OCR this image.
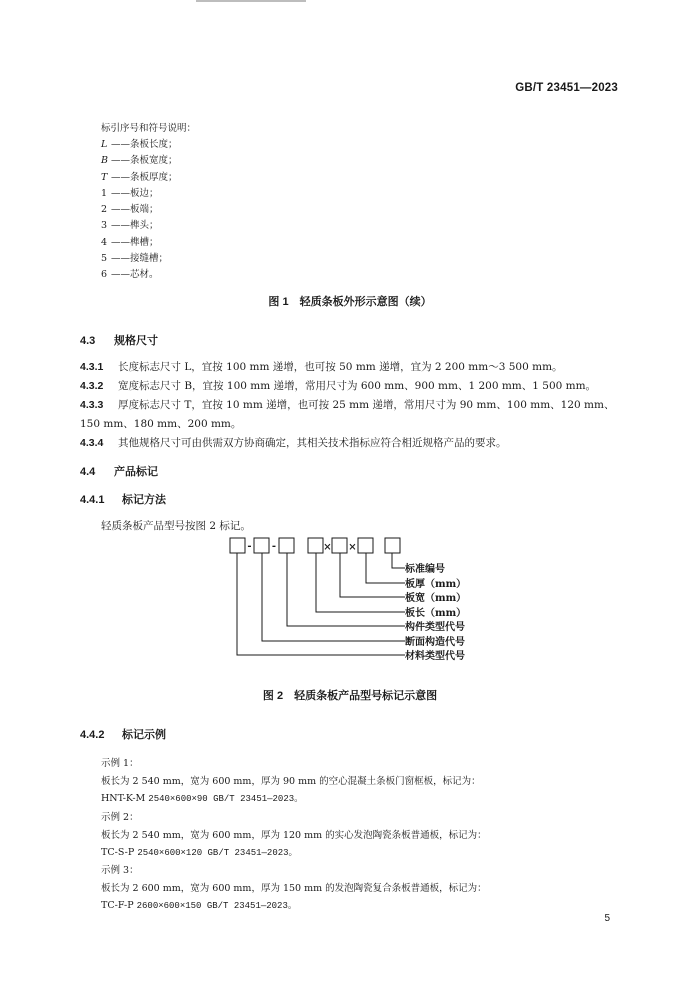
GB/T 23451—2023
标引序号和符号说明：
L ——条板长度；
B ——条板宽度；
T ——条板厚度；
1 ——板边；
2 ——板端；
3 ——榫头；
4 ——榫槽；
5 ——接缝槽；
6 ——芯材。
图 1　轻质条板外形示意图（续）
4.3 规格尺寸
4.3.1 长度标志尺寸 L，宜按 100 mm 递增，也可按 50 mm 递增，宜为 2 200 mm～3 500 mm。
4.3.2 宽度标志尺寸 B，宜按 100 mm 递增，常用尺寸为 600 mm、900 mm、1 200 mm、1 500 mm。
4.3.3 厚度标志尺寸 T，宜按 10 mm 递增，也可按 25 mm 递增，常用尺寸为 90 mm、100 mm、120 mm、
150 mm、180 mm、200 mm。
4.3.4 其他规格尺寸可由供需双方协商确定，其相关技术指标应符合相近规格产品的要求。
4.4 产品标记
4.4.1 标记方法
轻质条板产品型号按图 2 标记。
- -	× ×
标准编号
板厚（mm）
板宽（mm）
板长（mm）
构件类型代号
断面构造代号
材料类型代号
图 2　轻质条板产品型号标记示意图
4.4.2 标记示例
示例 1：
板长为 2 540 mm，宽为 600 mm，厚为 90 mm 的空心混凝土条板门窗框板，标记为：
HNT-K-M 2540×600×90 GB/T 23451—2023。
示例 2：
板长为 2 540 mm，宽为 600 mm，厚为 120 mm 的实心发泡陶瓷条板普通板，标记为：
TC-S-P 2540×600×120 GB/T 23451—2023。
示例 3：
板长为 2 600 mm，宽为 600 mm，厚为 150 mm 的发泡陶瓷复合条板普通板，标记为：
TC-F-P 2600×600×150 GB/T 23451—2023。
5
